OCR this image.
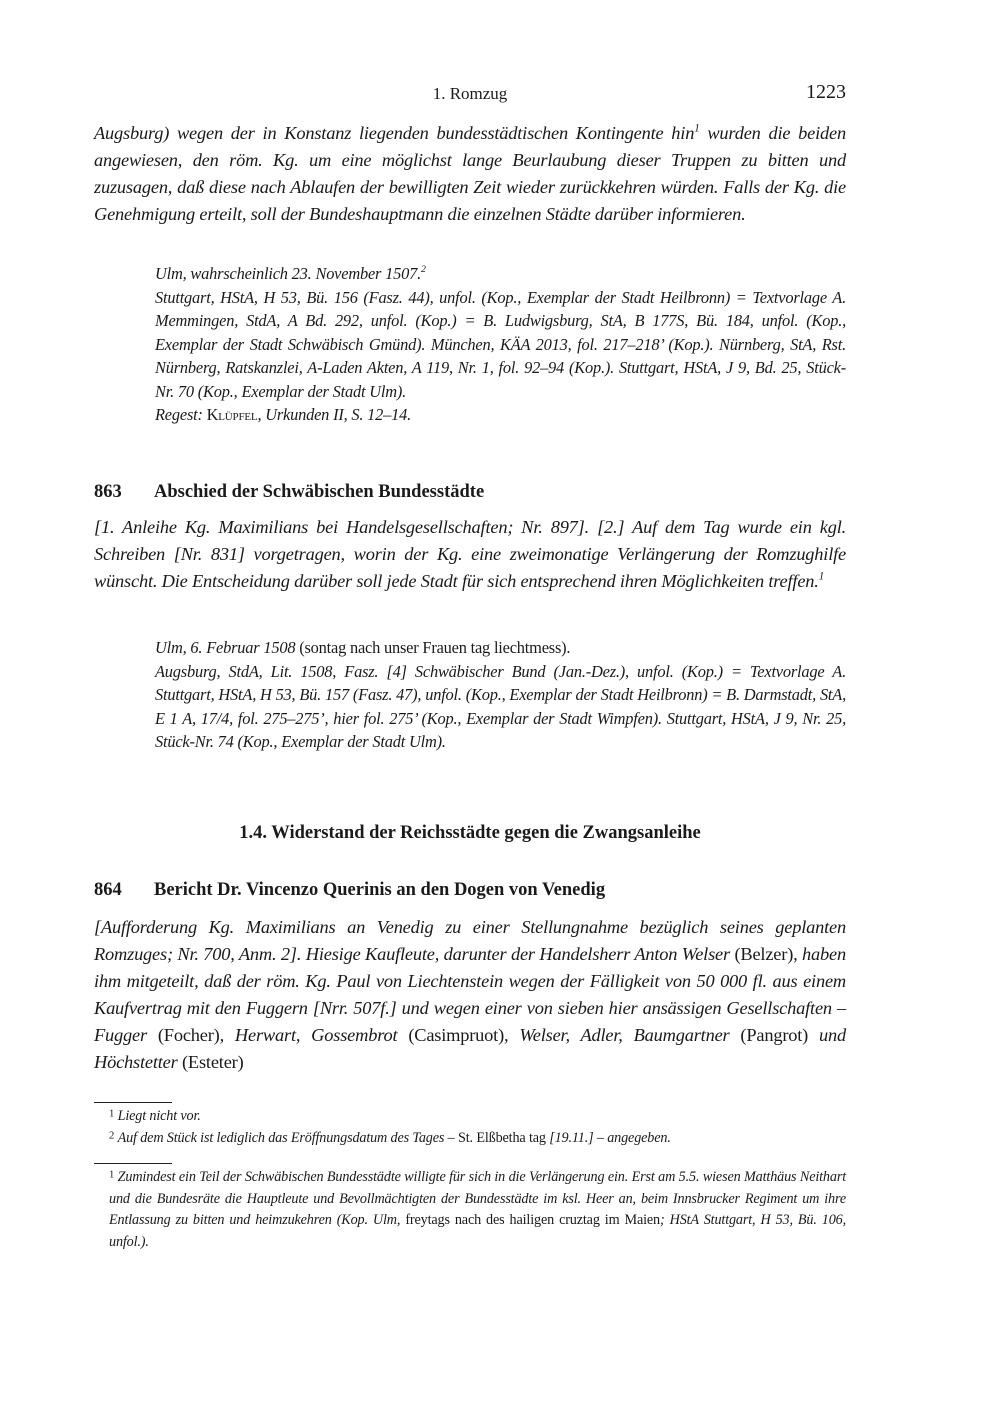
1. Romzug	1223
Augsburg) wegen der in Konstanz liegenden bundesstädtischen Kontingente hin$^1$ wurden die beiden angewiesen, den röm. Kg. um eine möglichst lange Beurlaubung dieser Truppen zu bitten und zuzusagen, daß diese nach Ablaufen der bewilligten Zeit wieder zurückkehren würden. Falls der Kg. die Genehmigung erteilt, soll der Bundeshauptmann die einzelnen Städte darüber informieren.
Ulm, wahrscheinlich 23. November 1507.$^2$
Stuttgart, HStA, H 53, Bü. 156 (Fasz. 44), unfol. (Kop., Exemplar der Stadt Heilbronn) = Textvorlage A. Memmingen, StdA, A Bd. 292, unfol. (Kop.) = B. Ludwigsburg, StA, B 177S, Bü. 184, unfol. (Kop., Exemplar der Stadt Schwäbisch Gmünd). München, KÄA 2013, fol. 217–218’ (Kop.). Nürnberg, StA, Rst. Nürnberg, Ratskanzlei, A-Laden Akten, A 119, Nr. 1, fol. 92–94 (Kop.). Stuttgart, HStA, J 9, Bd. 25, Stück-Nr. 70 (Kop., Exemplar der Stadt Ulm).
Regest: Klüpfel, Urkunden II, S. 12–14.
863 Abschied der Schwäbischen Bundesstädte
[1. Anleihe Kg. Maximilians bei Handelsgesellschaften; Nr. 897]. [2.] Auf dem Tag wurde ein kgl. Schreiben [Nr. 831] vorgetragen, worin der Kg. eine zweimonatige Verlängerung der Romzughilfe wünscht. Die Entscheidung darüber soll jede Stadt für sich entsprechend ihren Möglichkeiten treffen.$^1$
Ulm, 6. Februar 1508 (sontag nach unser Frauen tag liechtmess).
Augsburg, StdA, Lit. 1508, Fasz. [4] Schwäbischer Bund (Jan.-Dez.), unfol. (Kop.) = Textvorlage A. Stuttgart, HStA, H 53, Bü. 157 (Fasz. 47), unfol. (Kop., Exemplar der Stadt Heilbronn) = B. Darmstadt, StA, E 1 A, 17/4, fol. 275–275’, hier fol. 275’ (Kop., Exemplar der Stadt Wimpfen). Stuttgart, HStA, J 9, Nr. 25, Stück-Nr. 74 (Kop., Exemplar der Stadt Ulm).
1.4. Widerstand der Reichsstädte gegen die Zwangsanleihe
864 Bericht Dr. Vincenzo Querinis an den Dogen von Venedig
[Aufforderung Kg. Maximilians an Venedig zu einer Stellungnahme bezüglich seines geplanten Romzuges; Nr. 700, Anm. 2]. Hiesige Kaufleute, darunter der Handelsherr Anton Welser (Belzer), haben ihm mitgeteilt, daß der röm. Kg. Paul von Liechtenstein wegen der Fälligkeit von 50 000 fl. aus einem Kaufvertrag mit den Fuggern [Nrr. 507f.] und wegen einer von sieben hier ansässigen Gesellschaften – Fugger (Focher), Herwart, Gossembrot (Casimpruot), Welser, Adler, Baumgartner (Pangrot) und Höchstetter (Esteter)
$^1$ Liegt nicht vor.
$^2$ Auf dem Stück ist lediglich das Eröffnungsdatum des Tages – St. Elßbetha tag [19.11.] – angegeben.
$^1$ Zumindest ein Teil der Schwäbischen Bundesstädte willigte für sich in die Verlängerung ein. Erst am 5.5. wiesen Matthäus Neithart und die Bundesräte die Hauptleute und Bevollmächtigten der Bundesstädte im ksl. Heer an, beim Innsbrucker Regiment um ihre Entlassung zu bitten und heimzukehren (Kop. Ulm, freytags nach des hailigen cruztag im Maien; HStA Stuttgart, H 53, Bü. 106, unfol.).
